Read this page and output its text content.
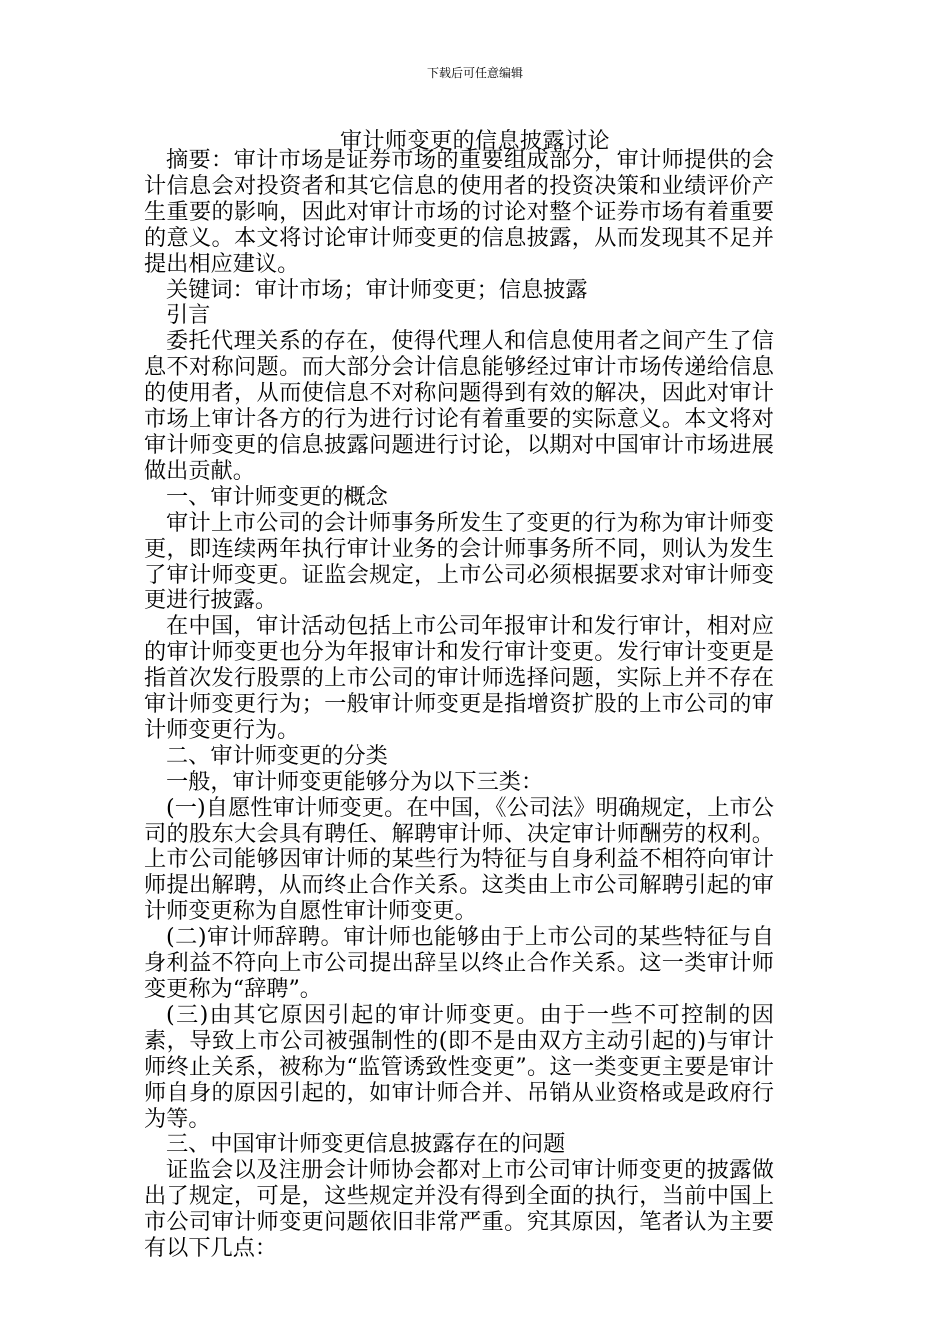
下载后可任意编辑
审计师变更的信息披露讨论

摘要：审计市场是证券市场的重要组成部分，审计师提供的会计信息会对投资者和其它信息的使用者的投资决策和业绩评价产生重要的影响，因此对审计市场的讨论对整个证券市场有着重要的意义。本文将讨论审计师变更的信息披露，从而发现其不足并提出相应建议。

关键词：审计市场；审计师变更；信息披露

引言

委托代理关系的存在，使得代理人和信息使用者之间产生了信息不对称问题。而大部分会计信息能够经过审计市场传递给信息的使用者，从而使信息不对称问题得到有效的解决，因此对审计市场上审计各方的行为进行讨论有着重要的实际意义。本文将对审计师变更的信息披露问题进行讨论，以期对中国审计市场进展做出贡献。

一、审计师变更的概念

审计上市公司的会计师事务所发生了变更的行为称为审计师变更，即连续两年执行审计业务的会计师事务所不同，则认为发生了审计师变更。证监会规定，上市公司必须根据要求对审计师变更进行披露。

在中国，审计活动包括上市公司年报审计和发行审计，相对应的审计师变更也分为年报审计和发行审计变更。发行审计变更是指首次发行股票的上市公司的审计师选择问题，实际上并不存在审计师变更行为；一般审计师变更是指增资扩股的上市公司的审计师变更行为。

二、审计师变更的分类

一般，审计师变更能够分为以下三类：

(一)自愿性审计师变更。在中国，《公司法》明确规定，上市公司的股东大会具有聘任、解聘审计师、决定审计师酬劳的权利。上市公司能够因审计师的某些行为特征与自身利益不相符向审计师提出解聘，从而终止合作关系。这类由上市公司解聘引起的审计师变更称为自愿性审计师变更。

(二)审计师辞聘。审计师也能够由于上市公司的某些特征与自身利益不符向上市公司提出辞呈以终止合作关系。这一类审计师变更称为“辞聘”。

(三)由其它原因引起的审计师变更。由于一些不可控制的因素，导致上市公司被强制性的(即不是由双方主动引起的)与审计师终止关系，被称为“监管诱致性变更”。这一类变更主要是审计师自身的原因引起的，如审计师合并、吊销从业资格或是政府行为等。

三、中国审计师变更信息披露存在的问题

证监会以及注册会计师协会都对上市公司审计师变更的披露做出了规定，可是，这些规定并没有得到全面的执行，当前中国上市公司审计师变更问题依旧非常严重。究其原因，笔者认为主要有以下几点：
